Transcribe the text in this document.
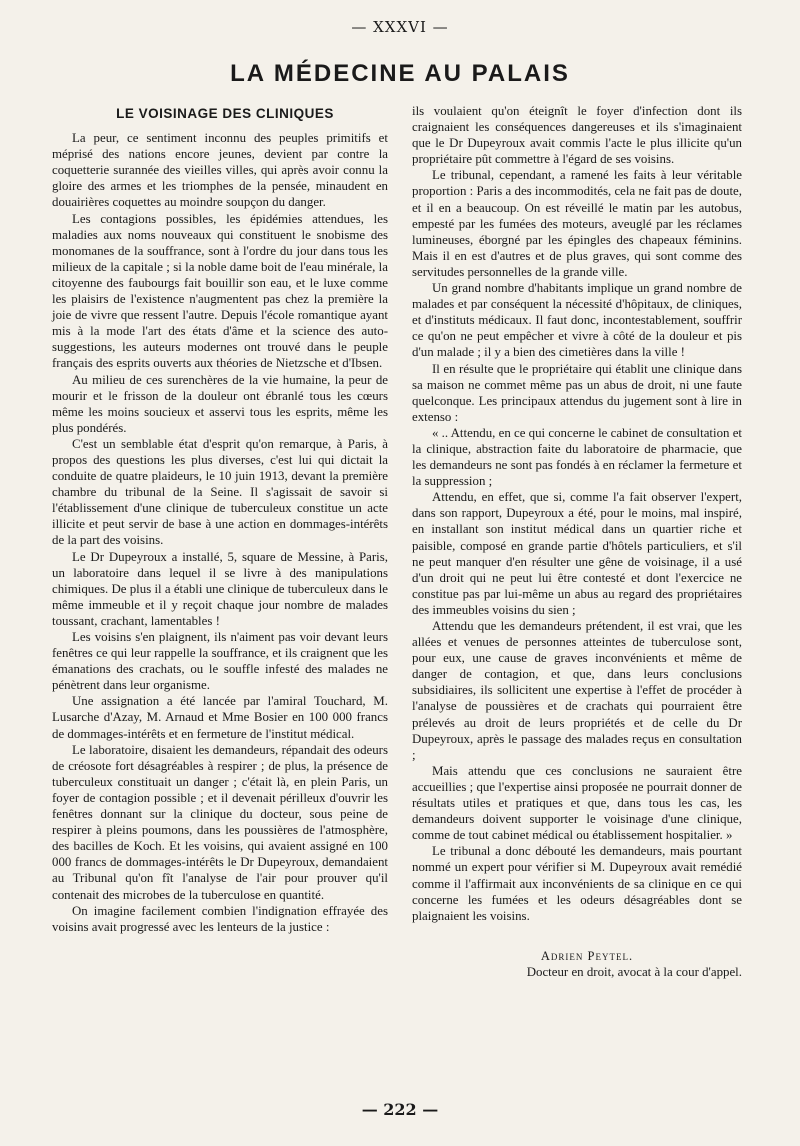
— XXXVI —
LA MÉDECINE AU PALAIS
LE VOISINAGE DES CLINIQUES

La peur, ce sentiment inconnu des peuples primitifs et méprisé des nations encore jeunes, devient par contre la coquetterie surannée des vieilles villes, qui après avoir connu la gloire des armes et les triomphes de la pensée, minaudent en douairières coquettes au moindre soupçon du danger.

Les contagions possibles, les épidémies attendues, les maladies aux noms nouveaux qui constituent le snobisme des monomanes de la souffrance, sont à l'ordre du jour dans tous les milieux de la capitale ; si la noble dame boit de l'eau minérale, la citoyenne des faubourgs fait bouillir son eau, et le luxe comme les plaisirs de l'existence n'augmentent pas chez la première la joie de vivre que ressent l'autre. Depuis l'école romantique ayant mis à la mode l'art des états d'âme et la science des auto-suggestions, les auteurs modernes ont trouvé dans le peuple français des esprits ouverts aux théories de Nietzsche et d'Ibsen.

Au milieu de ces surenchères de la vie humaine, la peur de mourir et le frisson de la douleur ont ébranlé tous les cœurs même les moins soucieux et asservi tous les esprits, même les plus pondérés.

C'est un semblable état d'esprit qu'on remarque, à Paris, à propos des questions les plus diverses, c'est lui qui dictait la conduite de quatre plaideurs, le 10 juin 1913, devant la première chambre du tribunal de la Seine. Il s'agissait de savoir si l'établissement d'une clinique de tuberculeux constitue un acte illicite et peut servir de base à une action en dommages-intérêts de la part des voisins.

Le Dr Dupeyroux a installé, 5, square de Messine, à Paris, un laboratoire dans lequel il se livre à des manipulations chimiques. De plus il a établi une clinique de tuberculeux dans le même immeuble et il y reçoit chaque jour nombre de malades toussant, crachant, lamentables !

Les voisins s'en plaignent, ils n'aiment pas voir devant leurs fenêtres ce qui leur rappelle la souffrance, et ils craignent que les émanations des crachats, ou le souffle infesté des malades ne pénètrent dans leur organisme.

Une assignation a été lancée par l'amiral Touchard, M. Lusarche d'Azay, M. Arnaud et Mme Bosier en 100 000 francs de dommages-intérêts et en fermeture de l'institut médical.

Le laboratoire, disaient les demandeurs, répandait des odeurs de créosote fort désagréables à respirer ; de plus, la présence de tuberculeux constituait un danger ; c'était là, en plein Paris, un foyer de contagion possible ; et il devenait périlleux d'ouvrir les fenêtres donnant sur la clinique du docteur, sous peine de respirer à pleins poumons, dans les poussières de l'atmosphère, des bacilles de Koch. Et les voisins, qui avaient assigné en 100 000 francs de dommages-intérêts le Dr Dupeyroux, demandaient au Tribunal qu'on fît l'analyse de l'air pour prouver qu'il contenait des microbes de la tuberculose en quantité.

On imagine facilement combien l'indignation effrayée des voisins avait progressé avec les lenteurs de la justice :

ils voulaient qu'on éteignît le foyer d'infection dont ils craignaient les conséquences dangereuses et ils s'imaginaient que le Dr Dupeyroux avait commis l'acte le plus illicite qu'un propriétaire pût commettre à l'égard de ses voisins.

Le tribunal, cependant, a ramené les faits à leur véritable proportion : Paris a des incommodités, cela ne fait pas de doute, et il en a beaucoup. On est réveillé le matin par les autobus, empesté par les fumées des moteurs, aveuglé par les réclames lumineuses, éborgné par les épingles des chapeaux féminins. Mais il en est d'autres et de plus graves, qui sont comme des servitudes personnelles de la grande ville.

Un grand nombre d'habitants implique un grand nombre de malades et par conséquent la nécessité d'hôpitaux, de cliniques, et d'instituts médicaux. Il faut donc, incontestablement, souffrir ce qu'on ne peut empêcher et vivre à côté de la douleur et pis d'un malade ; il y a bien des cimetières dans la ville !

Il en résulte que le propriétaire qui établit une clinique dans sa maison ne commet même pas un abus de droit, ni une faute quelconque. Les principaux attendus du jugement sont à lire in extenso :

« .. Attendu, en ce qui concerne le cabinet de consultation et la clinique, abstraction faite du laboratoire de pharmacie, que les demandeurs ne sont pas fondés à en réclamer la fermeture et la suppression ;

Attendu, en effet, que si, comme l'a fait observer l'expert, dans son rapport, Dupeyroux a été, pour le moins, mal inspiré, en installant son institut médical dans un quartier riche et paisible, composé en grande partie d'hôtels particuliers, et s'il ne peut manquer d'en résulter une gêne de voisinage, il a usé d'un droit qui ne peut lui être contesté et dont l'exercice ne constitue pas par lui-même un abus au regard des propriétaires des immeubles voisins du sien ;

Attendu que les demandeurs prétendent, il est vrai, que les allées et venues de personnes atteintes de tuberculose sont, pour eux, une cause de graves inconvénients et même de danger de contagion, et que, dans leurs conclusions subsidiaires, ils sollicitent une expertise à l'effet de procéder à l'analyse de poussières et de crachats qui pourraient être prélevés au droit de leurs propriétés et de celle du Dr Dupeyroux, après le passage des malades reçus en consultation ;

Mais attendu que ces conclusions ne sauraient être accueillies ; que l'expertise ainsi proposée ne pourrait donner de résultats utiles et pratiques et que, dans tous les cas, les demandeurs doivent supporter le voisinage d'une clinique, comme de tout cabinet médical ou établissement hospitalier. »

Le tribunal a donc débouté les demandeurs, mais pourtant nommé un expert pour vérifier si M. Dupeyroux avait remédié comme il l'affirmait aux inconvénients de sa clinique en ce qui concerne les fumées et les odeurs désagréables dont se plaignaient les voisins.

Adrien Peytel.

Docteur en droit, avocat à la cour d'appel.

— 222 —
